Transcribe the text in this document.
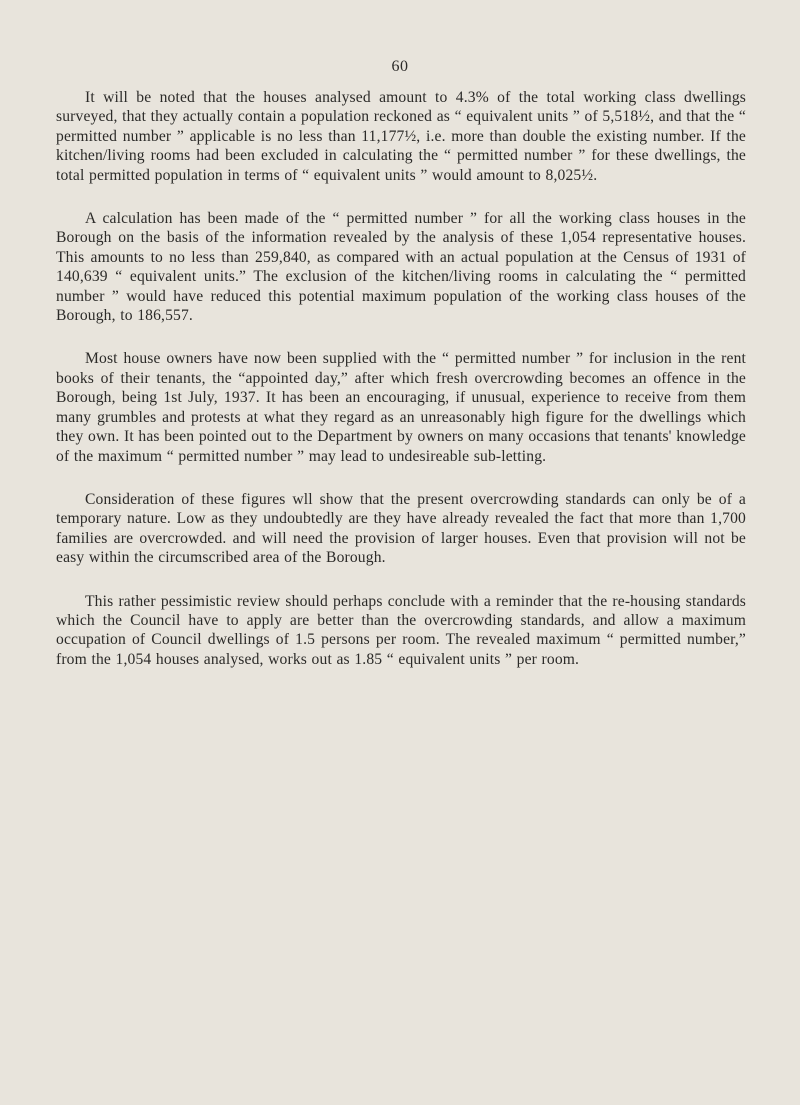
60

It will be noted that the houses analysed amount to 4.3% of the total working class dwellings surveyed, that they actually contain a population reckoned as “ equivalent units ” of 5,518½, and that the “ permitted number ” applicable is no less than 11,177½, i.e. more than double the existing number. If the kitchen/living rooms had been excluded in calculating the “ permitted number ” for these dwellings, the total permitted population in terms of “ equivalent units ” would amount to 8,025½.

A calculation has been made of the “ permitted number ” for all the working class houses in the Borough on the basis of the information revealed by the analysis of these 1,054 representative houses. This amounts to no less than 259,840, as compared with an actual population at the Census of 1931 of 140,639 “ equivalent units.” The exclusion of the kitchen/living rooms in calculating the “ permitted number ” would have reduced this potential maximum population of the working class houses of the Borough, to 186,557.

Most house owners have now been supplied with the “ permitted number ” for inclusion in the rent books of their tenants, the “appointed day,” after which fresh overcrowding becomes an offence in the Borough, being 1st July, 1937. It has been an encouraging, if unusual, experience to receive from them many grumbles and protests at what they regard as an unreasonably high figure for the dwellings which they own. It has been pointed out to the Department by owners on many occasions that tenants' knowledge of the maximum “ permitted number ” may lead to undesireable sub-letting.

Consideration of these figures wll show that the present overcrowding standards can only be of a temporary nature. Low as they undoubtedly are they have already revealed the fact that more than 1,700 families are overcrowded. and will need the provision of larger houses. Even that provision will not be easy within the circumscribed area of the Borough.

This rather pessimistic review should perhaps conclude with a reminder that the re-housing standards which the Council have to apply are better than the overcrowding standards, and allow a maximum occupation of Council dwellings of 1.5 persons per room. The revealed maximum “ permitted number,” from the 1,054 houses analysed, works out as 1.85 “ equivalent units ” per room.
